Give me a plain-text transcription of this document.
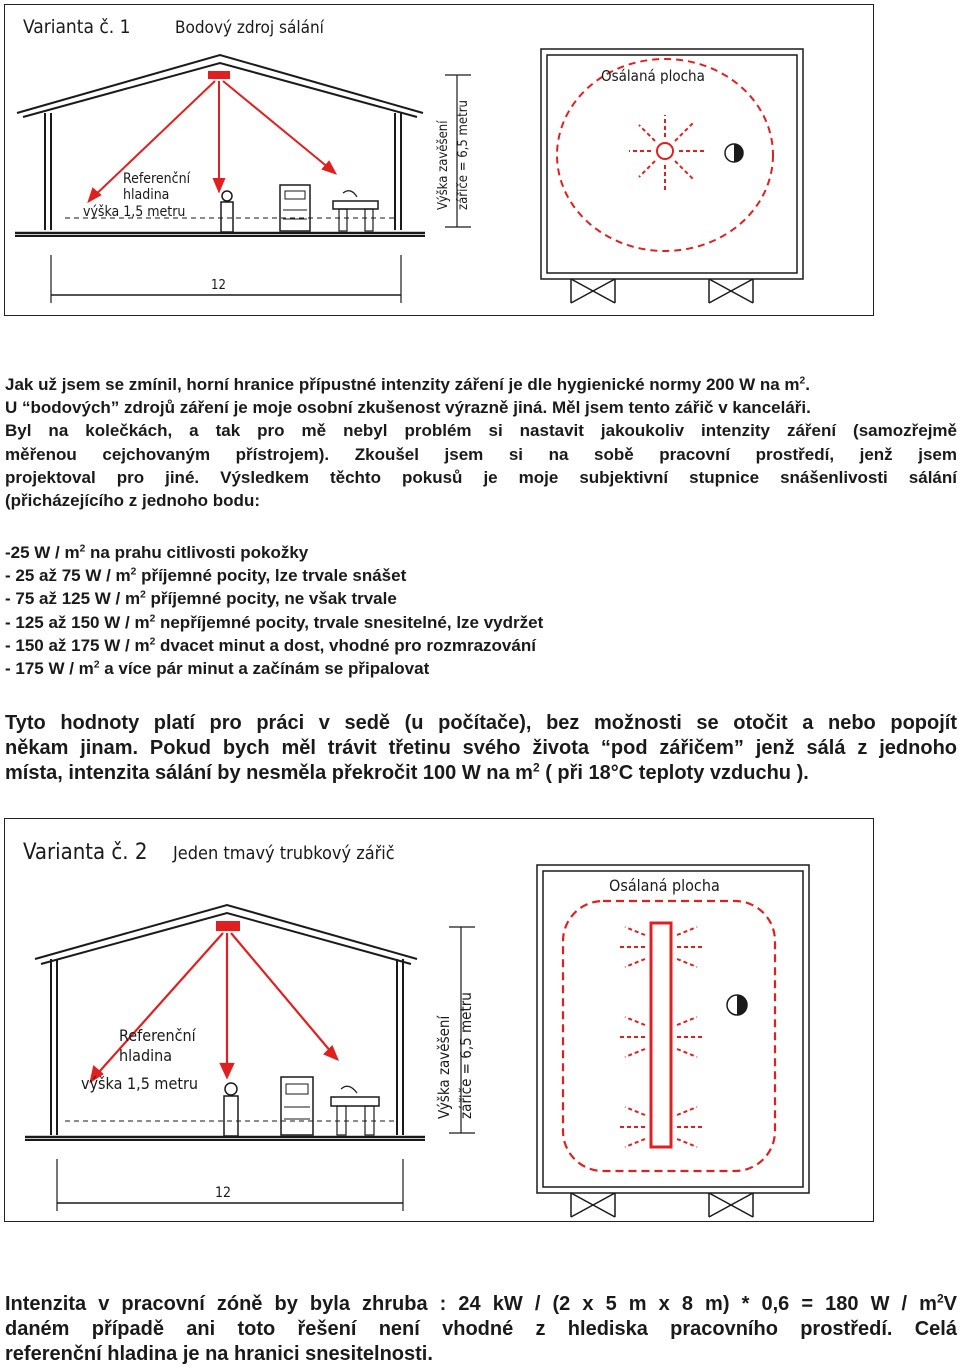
Varianta č. 1	Bodový zdroj sálání
Referenční
hladina
výška 1,5 metru
12
Výška zavěšení zářiče = 6,5 metru
Osálaná plocha
Jak už jsem se zmínil, horní hranice přípustné intenzity záření je dle hygienické normy 200 W na $m^2$.
U “bodových” zdrojů záření je moje osobní zkušenost výrazně jiná. Měl jsem tento zářič v kanceláři.
Byl na kolečkách, a tak pro mě nebyl problém si nastavit jakoukoliv intenzity záření (samozřejmě
měřenou cejchovaným přístrojem). Zkoušel jsem si na sobě pracovní prostředí, jenž jsem
projektoval pro jiné. Výsledkem těchto pokusů je moje subjektivní stupnice snášenlivosti sálání
(přicházejícího z jednoho bodu:
-25 W / $m^2$ na prahu citlivosti pokožky
- 25 až 75 W / $m^2$ příjemné pocity, lze trvale snášet
- 75 až 125 W / $m^2$ příjemné pocity, ne však trvale
- 125 až 150 W / $m^2$ nepříjemné pocity, trvale snesitelné, lze vydržet
- 150 až 175 W / $m^2$ dvacet minut a dost, vhodné pro rozmrazování
- 175 W / $m^2$ a více pár minut a začínám se připalovat
Tyto hodnoty platí pro práci v sedě (u počítače), bez možnosti se otočit a nebo popojít
někam jinam. Pokud bych měl trávit třetinu svého života “pod zářičem” jenž sálá z jednoho
místa, intenzita sálání by nesměla překročit 100 W na $m^2$ ( při 18°C teploty vzduchu ).
Varianta č. 2 Jeden tmavý trubkový zářič
Referenční
hladina
výška 1,5 metru
12
Výška zavěšení zářiče = 6,5 metru
Osálaná plocha
Intenzita v pracovní zóně by byla zhruba : 24 kW / (2 x 5 m x 8 m) * 0,6 = 180 W / $m^2V$
daném případě ani toto řešení není vhodné z hlediska pracovního prostředí. Celá
referenční hladina je na hranici snesitelnosti.
